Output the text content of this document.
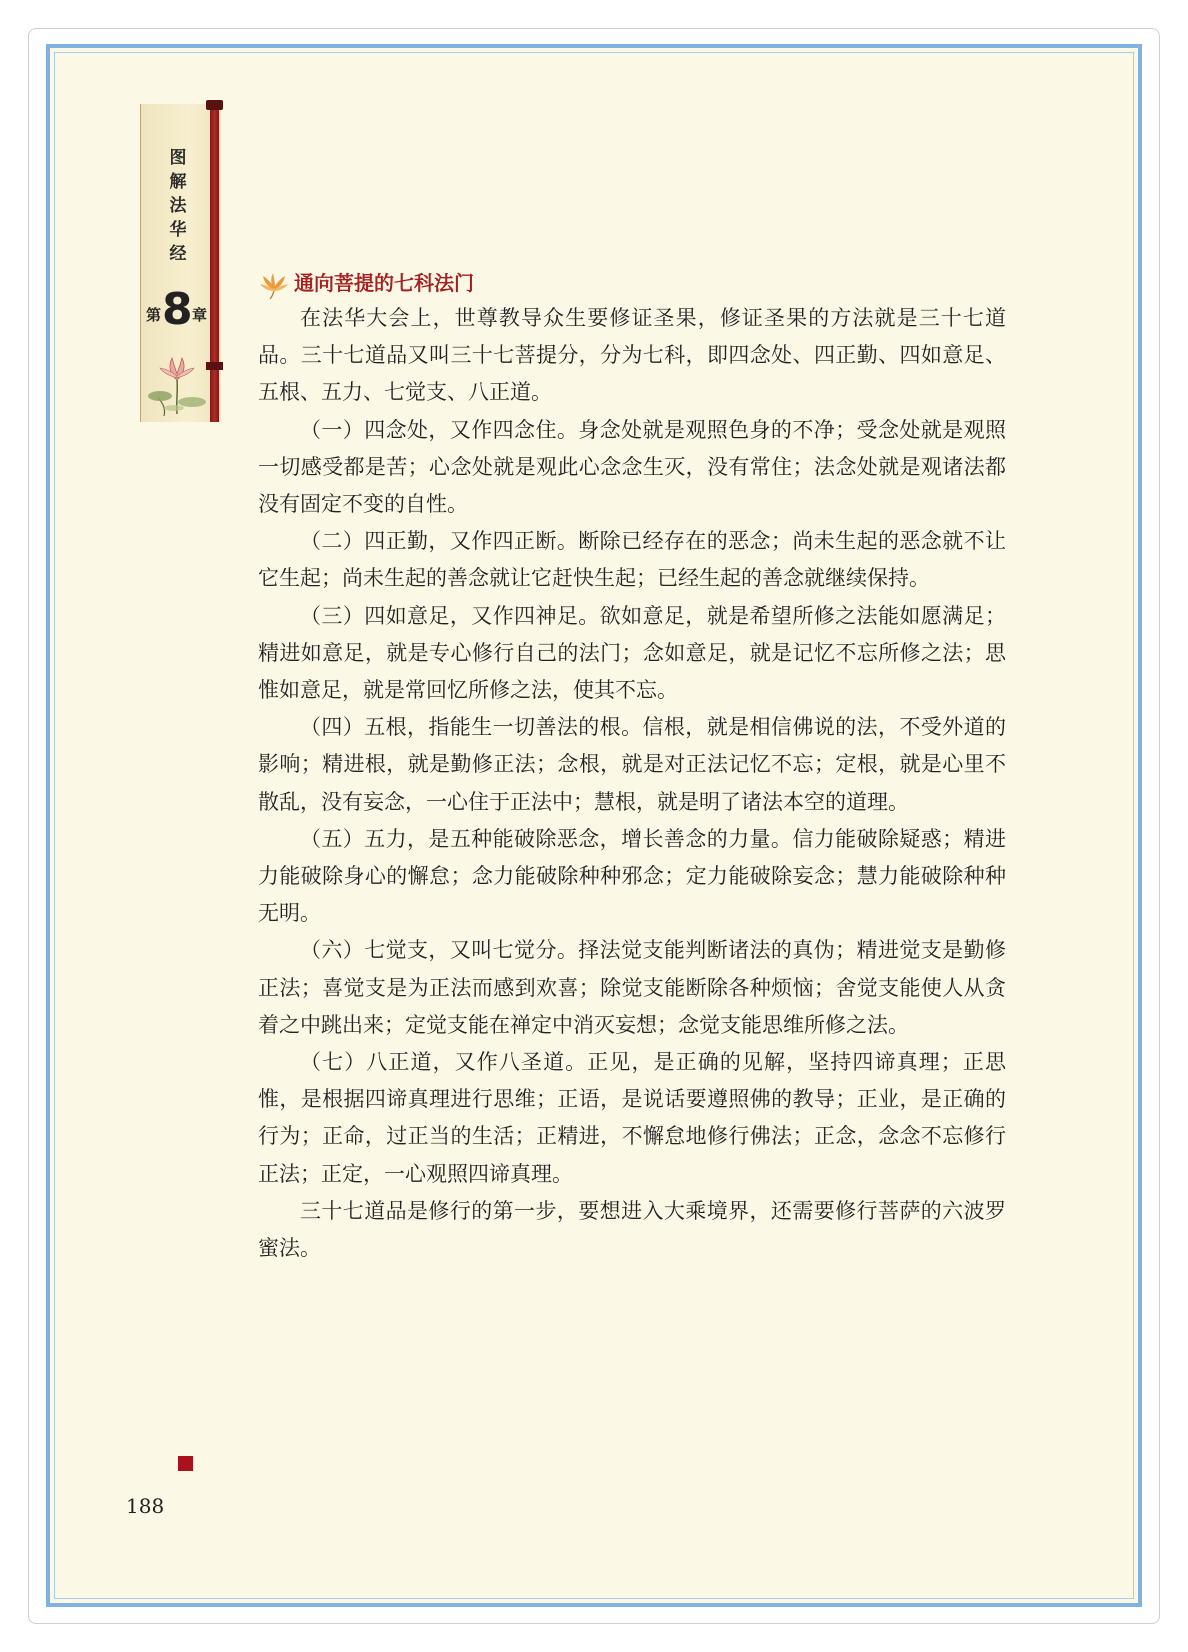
图
解
法
华
经
第 8 章
通向菩提的七科法门

在法华大会上，世尊教导众生要修证圣果，修证圣果的方法就是三十七道品。三十七道品又叫三十七菩提分，分为七科，即四念处、四正勤、四如意足、五根、五力、七觉支、八正道。

（一）四念处，又作四念住。身念处就是观照色身的不净；受念处就是观照一切感受都是苦；心念处就是观此心念念生灭，没有常住；法念处就是观诸法都没有固定不变的自性。

（二）四正勤，又作四正断。断除已经存在的恶念；尚未生起的恶念就不让它生起；尚未生起的善念就让它赶快生起；已经生起的善念就继续保持。

（三）四如意足，又作四神足。欲如意足，就是希望所修之法能如愿满足；精进如意足，就是专心修行自己的法门；念如意足，就是记忆不忘所修之法；思惟如意足，就是常回忆所修之法，使其不忘。

（四）五根，指能生一切善法的根。信根，就是相信佛说的法，不受外道的影响；精进根，就是勤修正法；念根，就是对正法记忆不忘；定根，就是心里不散乱，没有妄念，一心住于正法中；慧根，就是明了诸法本空的道理。

（五）五力，是五种能破除恶念，增长善念的力量。信力能破除疑惑；精进力能破除身心的懈怠；念力能破除种种邪念；定力能破除妄念；慧力能破除种种无明。

（六）七觉支，又叫七觉分。择法觉支能判断诸法的真伪；精进觉支是勤修正法；喜觉支是为正法而感到欢喜；除觉支能断除各种烦恼；舍觉支能使人从贪着之中跳出来；定觉支能在禅定中消灭妄想；念觉支能思维所修之法。

（七）八正道，又作八圣道。正见，是正确的见解，坚持四谛真理；正思惟，是根据四谛真理进行思维；正语，是说话要遵照佛的教导；正业，是正确的行为；正命，过正当的生活；正精进，不懈怠地修行佛法；正念，念念不忘修行正法；正定，一心观照四谛真理。

三十七道品是修行的第一步，要想进入大乘境界，还需要修行菩萨的六波罗蜜法。

188
